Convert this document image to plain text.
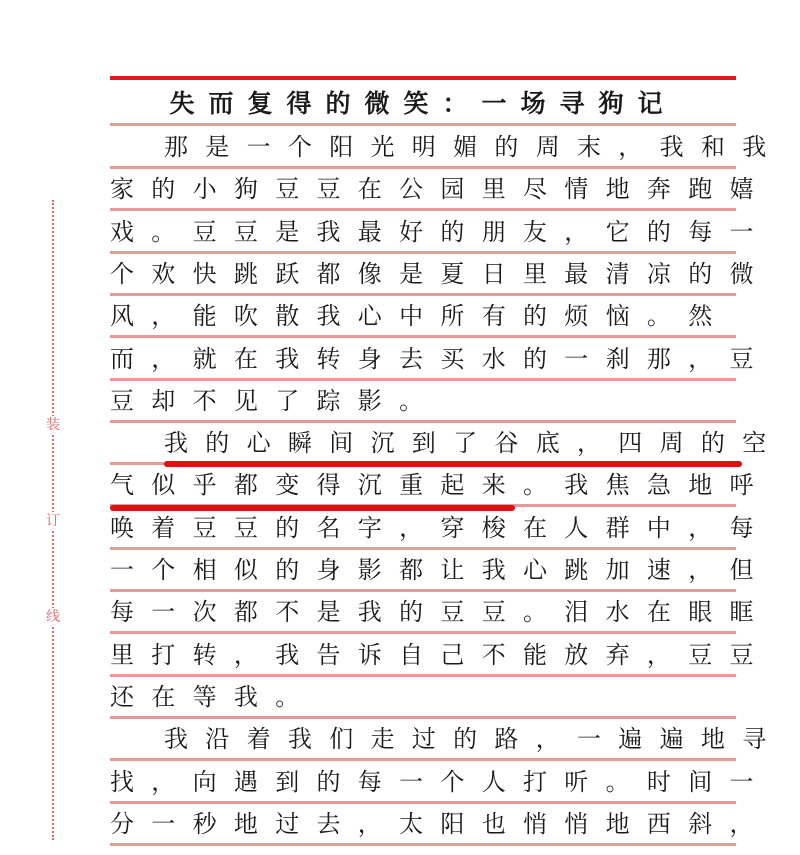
装
订
线
失而复得的微笑：一场寻狗记
那是一个阳光明媚的周末，我和我
家的小狗豆豆在公园里尽情地奔跑嬉
戏。豆豆是我最好的朋友，它的每一
个欢快跳跃都像是夏日里最清凉的微
风，能吹散我心中所有的烦恼。然
而，就在我转身去买水的一刹那，豆
豆却不见了踪影。
我的心瞬间沉到了谷底，四周的空
气似乎都变得沉重起来。我焦急地呼
唤着豆豆的名字，穿梭在人群中，每
一个相似的身影都让我心跳加速，但
每一次都不是我的豆豆。泪水在眼眶
里打转，我告诉自己不能放弃，豆豆
还在等我。
我沿着我们走过的路，一遍遍地寻
找，向遇到的每一个人打听。时间一
分一秒地过去，太阳也悄悄地西斜，
